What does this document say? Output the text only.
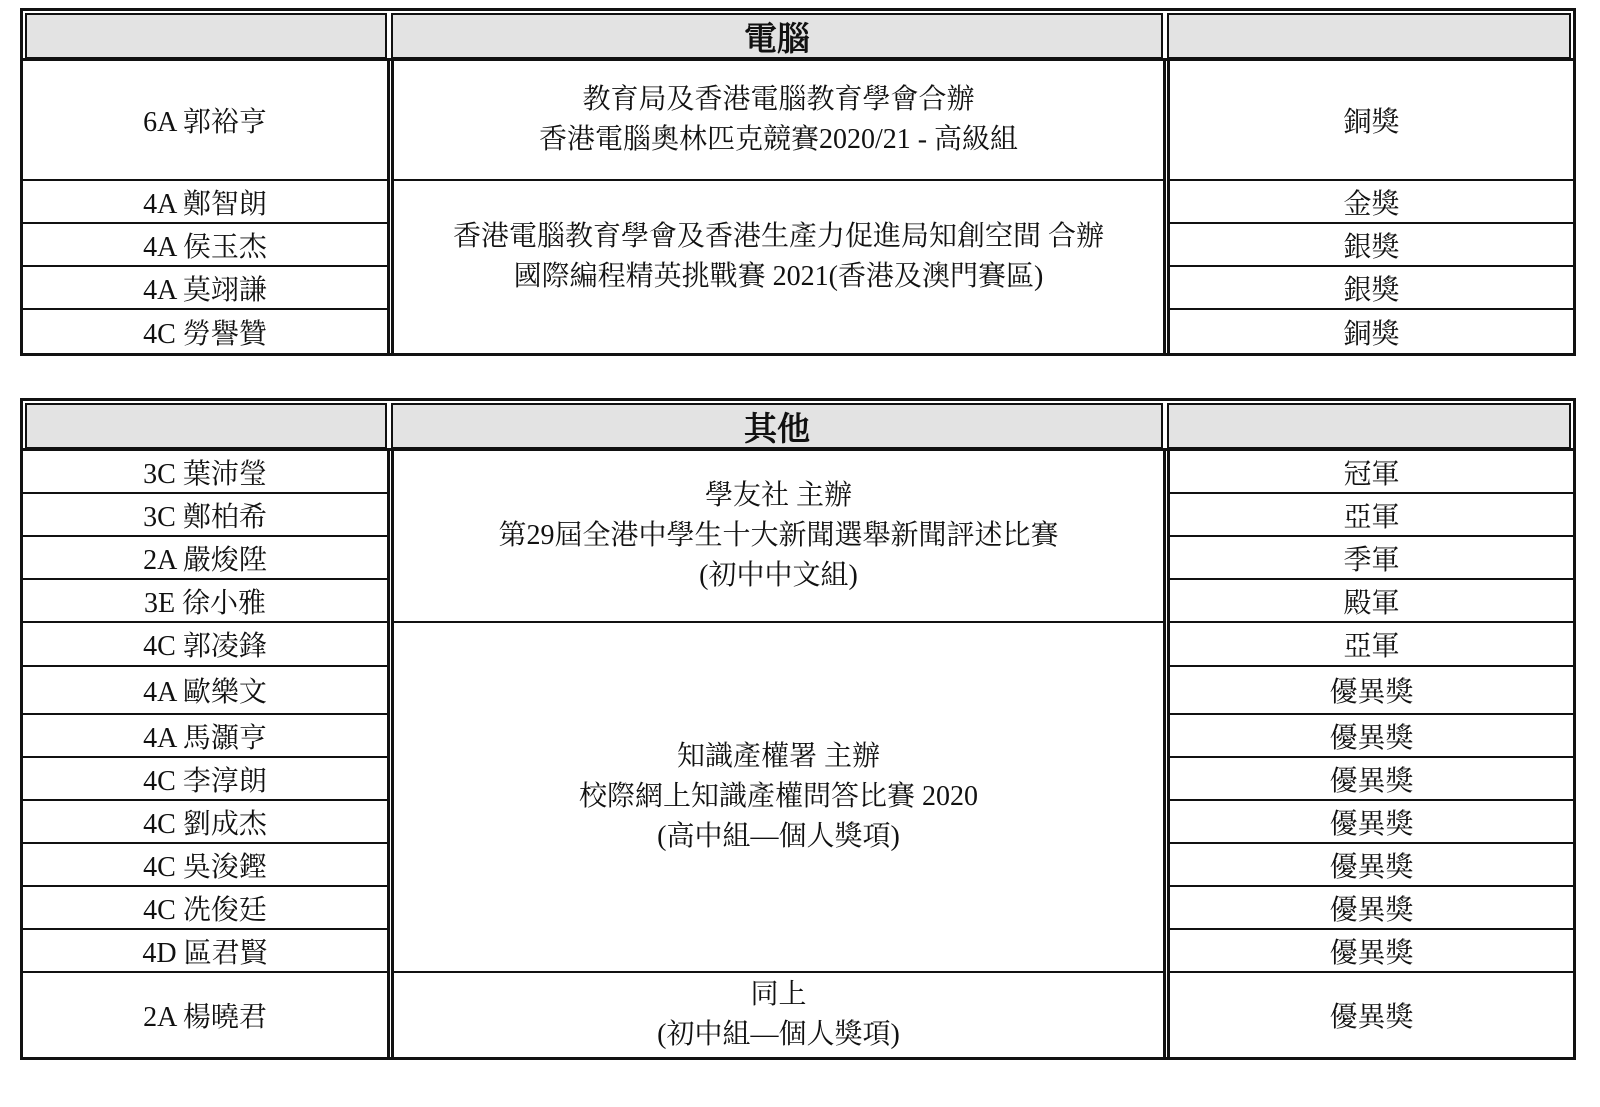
電腦
6A 郭裕亨
4A 鄭智朗
4A 侯玉杰
4A 莫翊謙
4C 勞譽贊
教育局及香港電腦教育學會合辦
香港電腦奧林匹克競賽2020/21 - 高級組
香港電腦教育學會及香港生產力促進局知創空間 合辦
國際編程精英挑戰賽 2021(香港及澳門賽區)
銅獎
金獎
銀獎
銀獎
銅獎
其他
3C 葉沛瑩
3C 鄭柏希
2A 嚴焌陞
3E 徐小雅
4C 郭凌鋒
4A 歐樂文
4A 馬灝亨
4C 李淳朗
4C 劉成杰
4C 吳浚鏗
4C 冼俊廷
4D 區君賢
2A 楊曉君
學友社 主辦
第29屆全港中學生十大新聞選舉新聞評述比賽
(初中中文組)
知識產權署 主辦
校際網上知識產權問答比賽 2020
(高中組—個人獎項)
同上
(初中組—個人獎項)
冠軍
亞軍
季軍
殿軍
亞軍
優異獎
優異獎
優異獎
優異獎
優異獎
優異獎
優異獎
優異獎
